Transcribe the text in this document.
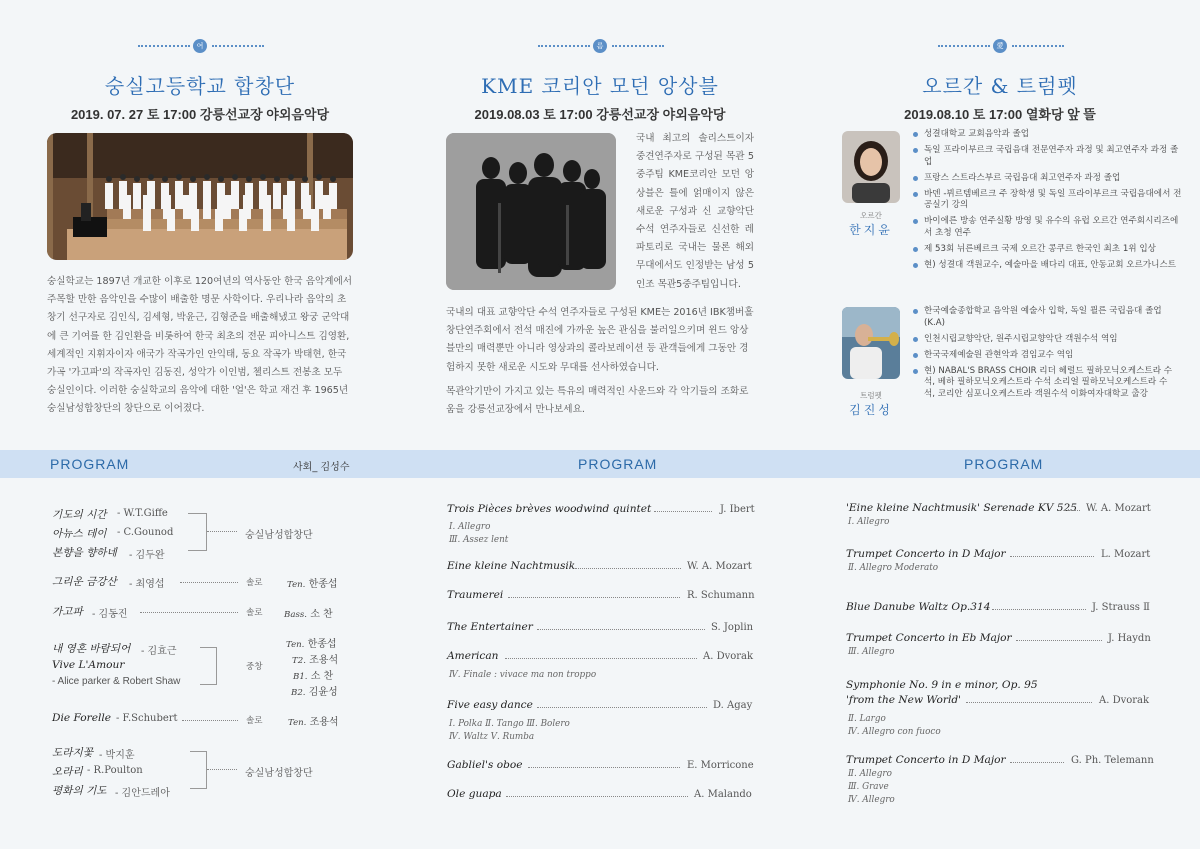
여
숭실고등학교 합창단
2019. 07. 27 토 17:00 강릉선교장 야외음악당

숭실학교는 1897년 개교한 이후로 120여년의 역사동안 한국 음악계에서 주목할 만한 음악인을 수많이 배출한 명문 사학이다. 우리나라 음악의 초창기 선구자로 김인식, 김세형, 박윤근, 김형준을 배출해냈고 왕궁 군악대에 큰 기여를 한 김인환을 비롯하여 한국 최초의 전문 피아니스트 김영환, 세계적인 지휘자이자 애국가 작곡가인 안익태, 동요 작곡가 박태현, 한국가곡 '가고파'의 작곡자인 김동진, 성악가 이인범, 첼리스트 전봉초 모두 숭실인이다. 이러한 숭실학교의 음악에 대한 '얼'은 학교 재건 후 1965년 숭실남성합창단의 창단으로 이어졌다.

름
KME 코리안 모던 앙상블
2019.08.03 토 17:00 강릉선교장 야외음악당

국내 최고의 솔리스트이자 중견연주자로 구성된 목관 5중주팀 KME코리안 모던 앙상블은 틀에 얽매이지 않은 새로운 구성과 신 교향악단 수석 연주자들로 신선한 레파토리로 국내는 물론 해외무대에서도 인정받는 남성 5인조 목관5중주팀입니다.

국내의 대표 교향악단 수석 연주자들로 구성된 KME는 2016년 IBK챔버홀 창단연주회에서 전석 매진에 가까운 높은 관심을 불러일으키며 윈드 앙상블만의 매력뿐만 아니라 영상과의 콜라보레이션 등 관객들에게 그동안 경험하지 못한 새로운 시도와 무대를 선사하였습니다.

목관악기만이 가지고 있는 특유의 매력적인 사운드와 각 악기들의 조화로움을 강릉선교장에서 만나보세요.

愛
오르간 & 트럼펫
2019.08.10 토 17:00 열화당 앞 뜰
오르간
한지윤
성결대학교 교회음악과 졸업
독일 프라이부르크 국립음대 전문연주자 과정 및 최고연주자 과정 졸업
프랑스 스트라스부르 국립음대 최고연주자 과정 졸업
바덴 -뷔르템베르크 주 장학생 및 독일 프라이부르크 국립음대에서 전공실기 강의
바이에른 방송 연주실황 방영 및 유수의 유럽 오르간 연주회시리즈에서 초청 연주
제 53회 뉘른베르크 국제 오르간 콩쿠르 한국인 최초 1위 입상
현) 성결대 객원교수, 예술마을 배다리 대표, 안동교회 오르가니스트
트럼펫
김진성
한국예술종합학교 음악원 예술사 입학, 독일 쾰른 국립음대 졸업(K.A)
인천시립교향악단, 원주시립교향악단 객원수석 역임
한국국제예술원 관현악과 겸임교수 역임
현) NABAL'S BRASS CHOIR 리더 헤럴드 필하모닉오케스트라 수석, 베하 필하모닉오케스트라 수석 소리얼 필하모닉오케스트라 수석, 코리안 심포니오케스트라 객원수석 이화여자대학교 출강
PROGRAM	사회_ 김성수	PROGRAM	PROGRAM
기도의 시간 - W.T.Giffe
아뉴스 데이 - C.Gounod
본향을 향하네 - 김두완
숭실남성합창단
그리운 금강산 - 최영섭	솔로	Ten. 한종섭
가고파 - 김동진	솔로 Bass. 소 찬
내 영혼 바람되어 - 김효근
Vive L'Amour
- Alice parker & Robert Shaw
중창
Ten. 한종섭
T2. 조용석
B1. 소 찬
B2. 김윤성
Die Forelle - F.Schubert	솔로	Ten. 조용석
도라지꽃 - 박지훈
오라리 - R.Poulton
평화의 기도 - 김안드레아
숭실남성합창단
Trois Pièces brèves woodwind quintet	J. Ibert
Ⅰ. Allegro
Ⅲ. Assez lent
Eine kleine Nachtmusik	W. A. Mozart
Traumerei	R. Schumann
The Entertainer	S. Joplin
American	A. Dvorak
Ⅳ. Finale : vivace ma non troppo
Five easy dance	D. Agay
Ⅰ. Polka Ⅱ. Tango Ⅲ. Bolero
Ⅳ. Waltz Ⅴ. Rumba
Gabliel's oboe	E. Morricone
Ole guapa	A. Malando
'Eine kleine Nachtmusik' Serenade KV 525 W. A. Mozart
Ⅰ. Allegro
Trumpet Concerto in D Major	L. Mozart
Ⅱ. Allegro Moderato
Blue Danube Waltz Op.314	J. Strauss Ⅱ
Trumpet Concerto in Eb Major	J. Haydn
Ⅲ. Allegro
Symphonie No. 9 in e minor, Op. 95
'from the New World'	A. Dvorak
Ⅱ. Largo
Ⅳ. Allegro con fuoco
Trumpet Concerto in D Major	G. Ph. Telemann
Ⅱ. Allegro
Ⅲ. Grave
Ⅳ. Allegro
